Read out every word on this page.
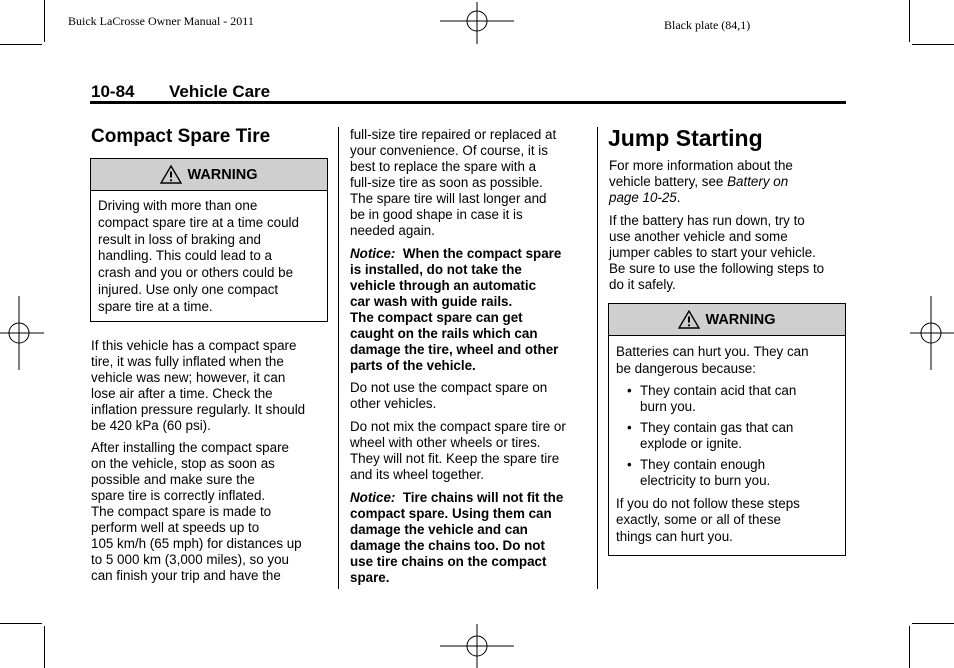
Buick LaCrosse Owner Manual - 2011	Black plate (84,1)
10-84 Vehicle Care
Compact Spare Tire
WARNING
Driving with more than one
compact spare tire at a time could
result in loss of braking and
handling. This could lead to a
crash and you or others could be
injured. Use only one compact
spare tire at a time.
If this vehicle has a compact spare
tire, it was fully inflated when the
vehicle was new; however, it can
lose air after a time. Check the
inflation pressure regularly. It should
be 420 kPa (60 psi).
After installing the compact spare
on the vehicle, stop as soon as
possible and make sure the
spare tire is correctly inflated.
The compact spare is made to
perform well at speeds up to
105 km/h (65 mph) for distances up
to 5 000 km (3,000 miles), so you
can finish your trip and have the
full-size tire repaired or replaced at
your convenience. Of course, it is
best to replace the spare with a
full-size tire as soon as possible.
The spare tire will last longer and
be in good shape in case it is
needed again.
Notice: When the compact spare
is installed, do not take the
vehicle through an automatic
car wash with guide rails.
The compact spare can get
caught on the rails which can
damage the tire, wheel and other
parts of the vehicle.
Do not use the compact spare on
other vehicles.
Do not mix the compact spare tire or
wheel with other wheels or tires.
They will not fit. Keep the spare tire
and its wheel together.
Notice: Tire chains will not fit the
compact spare. Using them can
damage the vehicle and can
damage the chains too. Do not
use tire chains on the compact
spare.
Jump Starting
For more information about the
vehicle battery, see Battery on
page 10-25.
If the battery has run down, try to
use another vehicle and some
jumper cables to start your vehicle.
Be sure to use the following steps to
do it safely.
WARNING
Batteries can hurt you. They can
be dangerous because:
• They contain acid that can
burn you.
• They contain gas that can
explode or ignite.
• They contain enough
electricity to burn you.
If you do not follow these steps
exactly, some or all of these
things can hurt you.
